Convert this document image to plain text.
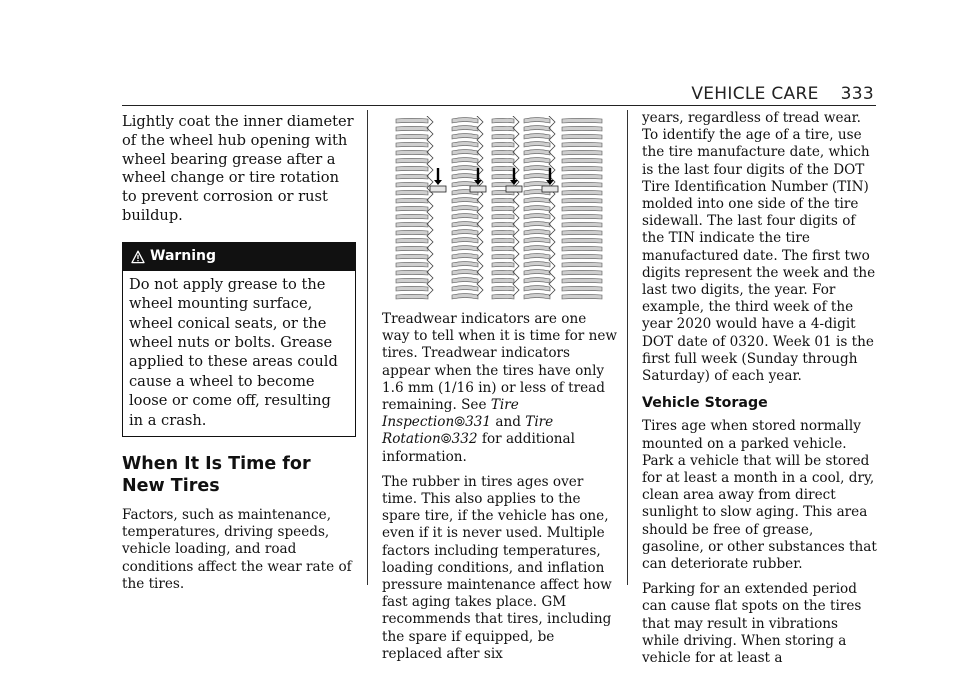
VEHICLE CARE 333

Lightly coat the inner diameter of the wheel hub opening with wheel bearing grease after a wheel change or tire rotation to prevent corrosion or rust buildup.

Warning
Do not apply grease to the wheel mounting surface, wheel conical seats, or the wheel nuts or bolts. Grease applied to these areas could cause a wheel to become loose or come off, resulting in a crash.
When It Is Time for New Tires

Factors, such as maintenance, temperatures, driving speeds, vehicle loading, and road conditions affect the wear rate of the tires.

Treadwear indicators are one way to tell when it is time for new tires. Treadwear indicators appear when the tires have only 1.6 mm (1/16 in) or less of tread remaining. See Tire Inspection⦾331 and Tire Rotation⦾332 for additional information.

The rubber in tires ages over time. This also applies to the spare tire, if the vehicle has one, even if it is never used. Multiple factors including temperatures, loading conditions, and inflation pressure maintenance affect how fast aging takes place. GM recommends that tires, including the spare if equipped, be replaced after six

years, regardless of tread wear. To identify the age of a tire, use the tire manufacture date, which is the last four digits of the DOT Tire Identification Number (TIN) molded into one side of the tire sidewall. The last four digits of the TIN indicate the tire manufactured date. The first two digits represent the week and the last two digits, the year. For example, the third week of the year 2020 would have a 4-digit DOT date of 0320. Week 01 is the first full week (Sunday through Saturday) of each year.

Vehicle Storage

Tires age when stored normally mounted on a parked vehicle. Park a vehicle that will be stored for at least a month in a cool, dry, clean area away from direct sunlight to slow aging. This area should be free of grease, gasoline, or other substances that can deteriorate rubber.

Parking for an extended period can cause flat spots on the tires that may result in vibrations while driving. When storing a vehicle for at least a
